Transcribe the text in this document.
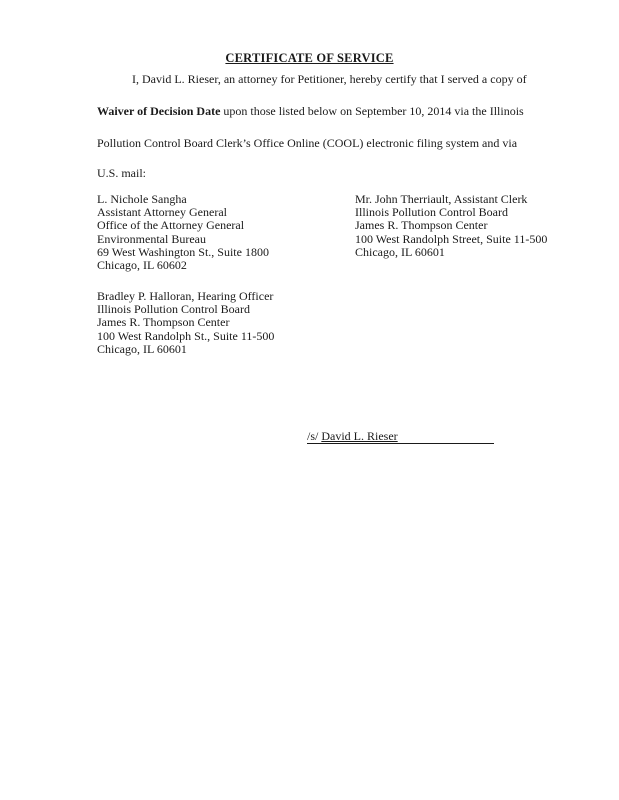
CERTIFICATE OF SERVICE
I, David L. Rieser, an attorney for Petitioner, hereby certify that I served a copy of
Waiver of Decision Date upon those listed below on September 10, 2014 via the Illinois
Pollution Control Board Clerk’s Office Online (COOL) electronic filing system and via
U.S. mail:
L. Nichole Sangha
Assistant Attorney General
Office of the Attorney General
Environmental Bureau
69 West Washington St., Suite 1800
Chicago, IL 60602
Mr. John Therriault, Assistant Clerk
Illinois Pollution Control Board
James R. Thompson Center
100 West Randolph Street, Suite 11-500
Chicago, IL 60601
Bradley P. Halloran, Hearing Officer
Illinois Pollution Control Board
James R. Thompson Center
100 West Randolph St., Suite 11-500
Chicago, IL 60601
/s/ David L. Rieser
